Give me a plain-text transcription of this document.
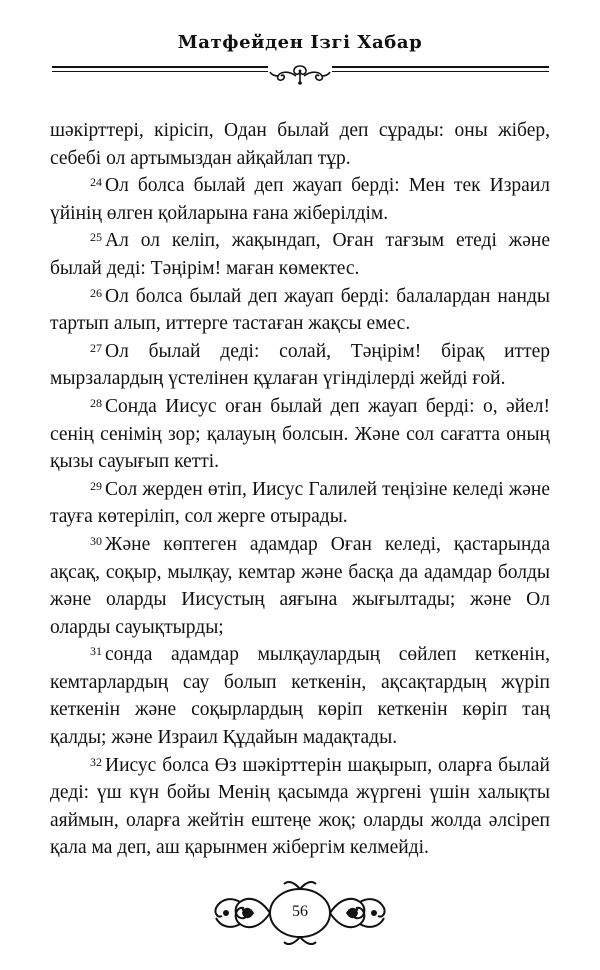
Матфейден Ізгі Хабар

шәкірттері, кірісіп, Одан былай деп сұрады: оны жібер, себебі ол артымыздан айқайлап тұр.

$^{24}$ Ол болса былай деп жауап берді: Мен тек Израил үйінің өлген қойларына ғана жіберілдім.

$^{25}$ Ал ол келіп, жақындап, Оған тағзым етеді және былай деді: Тәңірім! маған көмектес.

$^{26}$ Ол болса былай деп жауап берді: балалардан нанды тартып алып, иттерге тастаған жақсы емес.

$^{27}$ Ол былай деді: солай, Тәңірім! бірақ иттер мырзалардың үстелінен құлаған үгінділерді жейді ғой.

$^{28}$ Сонда Иисус оған былай деп жауап берді: о, әйел! сенің сенімің зор; қалауың болсын. Және сол сағатта оның қызы сауығып кетті.

$^{29}$ Сол жерден өтіп, Иисус Галилей теңізіне келеді және тауға көтеріліп, сол жерге отырады.

$^{30}$ Және көптеген адамдар Оған келеді, қастарында ақсақ, соқыр, мылқау, кемтар және басқа да адамдар болды және оларды Иисустың аяғына жығылтады; және Ол оларды сауықтырды;

$^{31}$ сонда адамдар мылқаулардың сөйлеп кеткенін, кемтарлардың сау болып кеткенін, ақсақтардың жүріп кеткенін және соқырлардың көріп кеткенін көріп таң қалды; және Израил Құдайын мадақтады.

$^{32}$ Иисус болса Өз шәкірттерін шақырып, оларға былай деді: үш күн бойы Менің қасымда жүргені үшін халықты аяймын, оларға жейтін ештеңе жоқ; оларды жолда әлсіреп қала ма деп, аш қарынмен жібергім келмейді.

56
